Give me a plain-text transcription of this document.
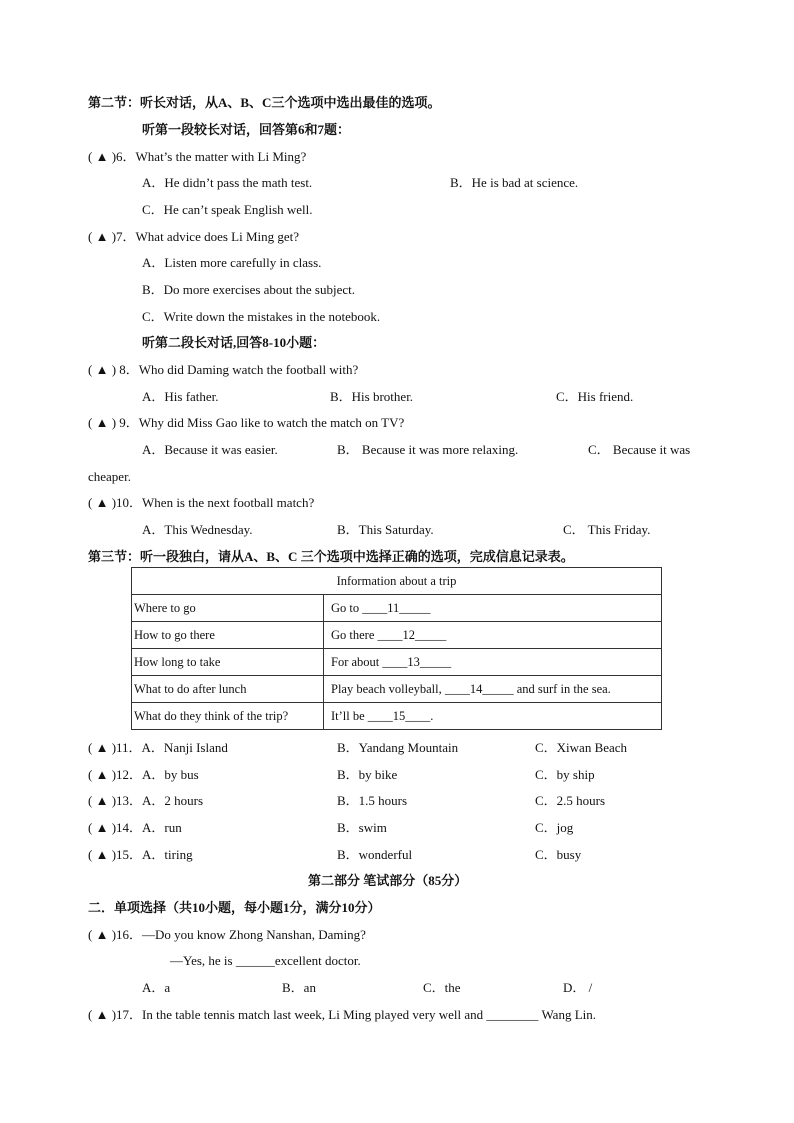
第二节：听长对话，从A、B、C三个选项中选出最佳的选项。
听第一段较长对话，回答第6和7题：
( ▲ )6．What’s the matter with Li Ming?
A．He didn’t pass the math test.	B．He is bad at science.
C．He can’t speak English well.
( ▲ )7．What advice does Li Ming get?
A．Listen more carefully in class.
B．Do more exercises about the subject.
C．Write down the mistakes in the notebook.
听第二段长对话,回答8-10小题：
( ▲ ) 8．Who did Daming watch the football with?
A．His father.	B．His brother.	C．His friend.
( ▲ ) 9．Why did Miss Gao like to watch the match on TV?
A．Because it was easier.	B． Because it was more relaxing.	C． Because it was
cheaper.
( ▲ )10．When is the next football match?
A．This Wednesday.	B．This Saturday.	C． This Friday.
第三节：听一段独白，请从A、B、C 三个选项中选择正确的选项，完成信息记录表。
Information about a trip	
Where to go	Go to ____11_____
How to go there	Go there ____12_____
How long to take	For about ____13_____
What to do after lunch	Play beach volleyball, ____14_____ and surf in the sea.
What do they think of the trip?	It’ll be ____15____.
( ▲ )11．A．Nanji Island	B．Yandang Mountain	C．Xiwan Beach
( ▲ )12．A．by bus	B．by bike	C．by ship
( ▲ )13．A．2 hours	B．1.5 hours	C．2.5 hours
( ▲ )14．A．run	B．swim	C．jog
( ▲ )15．A．tiring	B．wonderful	C．busy
第二部分 笔试部分（85分）
二．单项选择（共10小题，每小题1分，满分10分）
( ▲ )16．—Do you know Zhong Nanshan, Daming?
—Yes, he is ______excellent doctor.
A．a	B．an	C．the	D． /
( ▲ )17．In the table tennis match last week, Li Ming played very well and ________ Wang Lin.
